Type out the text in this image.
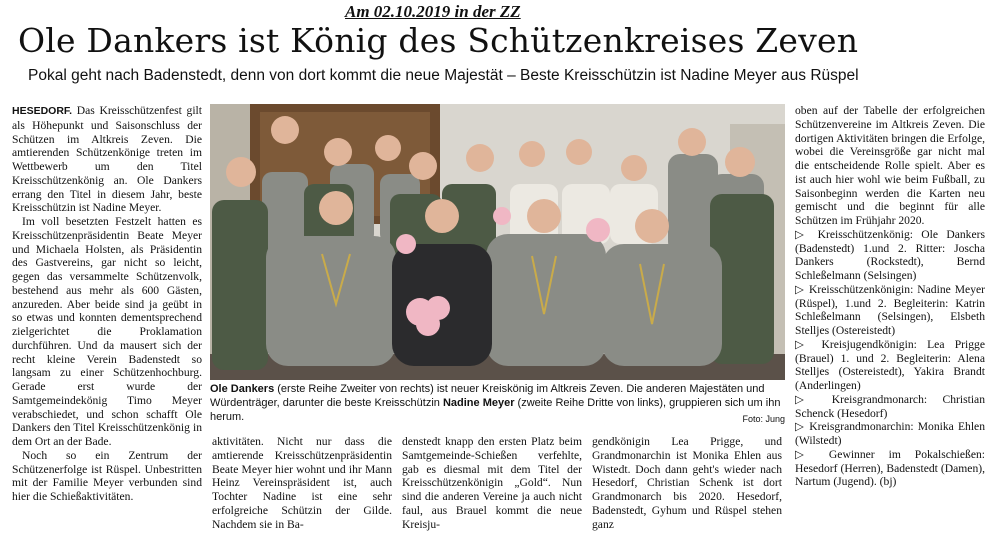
Am 02.10.2019 in der ZZ
Ole Dankers ist König des Schützenkreises Zeven
Pokal geht nach Badenstedt, denn von dort kommt die neue Majestät – Beste Kreisschützin ist Nadine Meyer aus Rüspel

HESEDORF. Das Kreisschützenfest gilt als Höhepunkt und Saisonschluss der Schützen im Altkreis Zeven. Die amtierenden Schützenkönige treten im Wettbewerb um den Titel Kreisschützenkönig an. Ole Dankers errang den Titel in diesem Jahr, beste Kreisschützin ist Nadine Meyer.

Im voll besetzten Festzelt hatten es Kreisschützenpräsidentin Beate Meyer und Michaela Holsten, als Präsidentin des Gastvereins, gar nicht so leicht, gegen das versammelte Schützenvolk, bestehend aus mehr als 600 Gästen, anzureden. Aber beide sind ja geübt in so etwas und konnten dementsprechend zielgerichtet die Proklamation durchführen. Und da mausert sich der recht kleine Verein Badenstedt so langsam zu einer Schützenhochburg. Gerade erst wurde der Samtgemeindekönig Timo Meyer verabschiedet, und schon schafft Ole Dankers den Titel Kreisschützenkönig in dem Ort an der Bade.

Noch so ein Zentrum der Schützenerfolge ist Rüspel. Unbestritten mit der Familie Meyer verbunden sind hier die Schießaktivitäten.

Ole Dankers (erste Reihe Zweiter von rechts) ist neuer Kreiskönig im Altkreis Zeven. Die anderen Majestäten und Würdenträger, darunter die beste Kreisschützin Nadine Meyer (zweite Reihe Dritte von links), gruppieren sich um ihn herum.	Foto: Jung

aktivitäten. Nicht nur dass die amtierende Kreisschützenpräsidentin Beate Meyer hier wohnt und ihr Mann Heinz Vereinspräsident ist, auch Tochter Nadine ist eine sehr erfolgreiche Schützin der Gilde. Nachdem sie in Ba-

denstedt knapp den ersten Platz beim Samtgemeinde-Schießen verfehlte, gab es diesmal mit dem Titel der Kreisschützenkönigin „Gold“. Nun sind die anderen Vereine ja auch nicht faul, aus Brauel kommt die neue Kreisju-

gendkönigin Lea Prigge, und Grandmonarchin ist Monika Ehlen aus Wistedt. Doch dann geht's wieder nach Hesedorf, Christian Schenk ist dort Grandmonarch bis 2020. Hesedorf, Badenstedt, Gyhum und Rüspel stehen ganz

oben auf der Tabelle der erfolgreichen Schützenvereine im Altkreis Zeven. Die dortigen Aktivitäten bringen die Erfolge, wobei die Vereinsgröße gar nicht mal die entscheidende Rolle spielt. Aber es ist auch hier wohl wie beim Fußball, zu Saisonbeginn werden die Karten neu gemischt und die beginnt für alle Schützen im Frühjahr 2020.

▷ Kreisschützenkönig: Ole Dankers (Badenstedt) 1.und 2. Ritter: Joscha Dankers (Rockstedt), Bernd Schleßelmann (Selsingen)

▷ Kreisschützenkönigin: Nadine Meyer (Rüspel), 1.und 2. Begleiterin: Katrin Schleßelmann (Selsingen), Elsbeth Stelljes (Ostereistedt)

▷ Kreisjugendkönigin: Lea Prigge (Brauel) 1. und 2. Begleiterin: Alena Stelljes (Ostereistedt), Yakira Brandt (Anderlingen)

▷ Kreisgrandmonarch: Christian Schenck (Hesedorf)

▷ Kreisgrandmonarchin: Monika Ehlen (Wilstedt)

▷ Gewinner im Pokalschießen: Hesedorf (Herren), Badenstedt (Damen), Nartum (Jugend). (bj)
